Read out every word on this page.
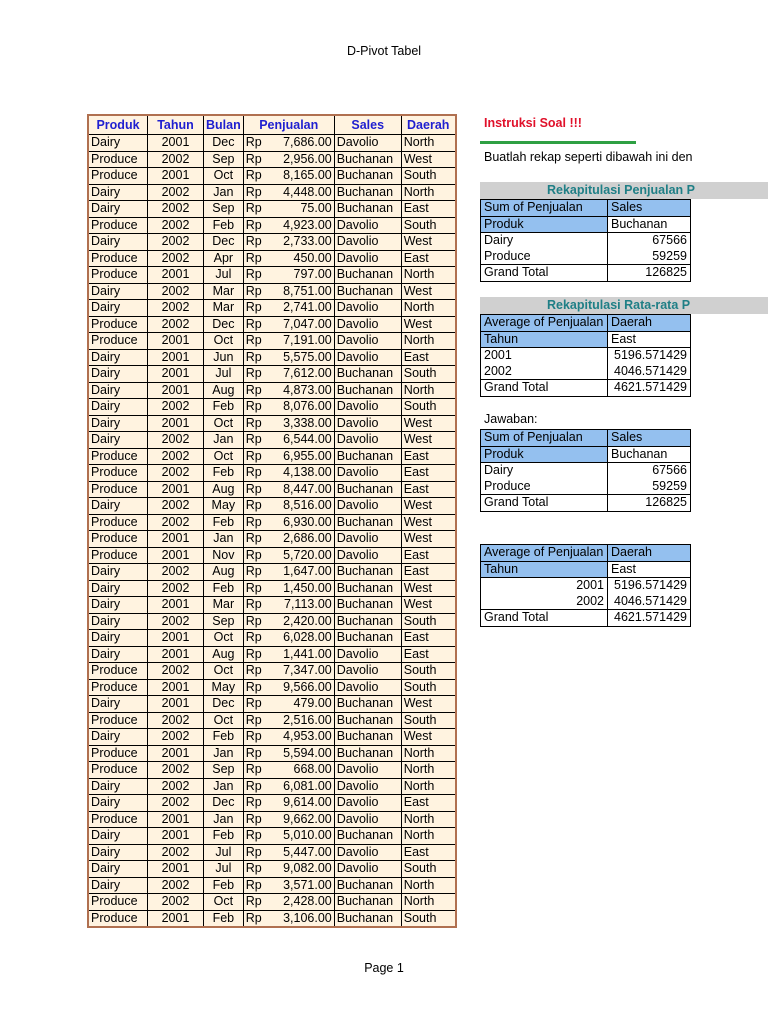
D-Pivot Tabel
Produk	Tahun	Bulan	Penjualan		Sales	Daerah
Dairy	2001	Dec	Rp	7,686.00	Davolio	North
Produce	2002	Sep	Rp	2,956.00	Buchanan	West
Produce	2001	Oct	Rp	8,165.00	Buchanan	South
Dairy	2002	Jan	Rp	4,448.00	Buchanan	North
Dairy	2002	Sep	Rp	75.00	Buchanan	East
Produce	2002	Feb	Rp	4,923.00	Davolio	South
Dairy	2002	Dec	Rp	2,733.00	Davolio	West
Produce	2002	Apr	Rp	450.00	Davolio	East
Produce	2001	Jul	Rp	797.00	Buchanan	North
Dairy	2002	Mar	Rp	8,751.00	Buchanan	West
Dairy	2002	Mar	Rp	2,741.00	Davolio	North
Produce	2002	Dec	Rp	7,047.00	Davolio	West
Produce	2001	Oct	Rp	7,191.00	Davolio	North
Dairy	2001	Jun	Rp	5,575.00	Davolio	East
Dairy	2001	Jul	Rp	7,612.00	Buchanan	South
Dairy	2001	Aug	Rp	4,873.00	Buchanan	North
Dairy	2002	Feb	Rp	8,076.00	Davolio	South
Dairy	2001	Oct	Rp	3,338.00	Davolio	West
Dairy	2002	Jan	Rp	6,544.00	Davolio	West
Produce	2002	Oct	Rp	6,955.00	Buchanan	East
Produce	2002	Feb	Rp	4,138.00	Davolio	East
Produce	2001	Aug	Rp	8,447.00	Buchanan	East
Dairy	2002	May	Rp	8,516.00	Davolio	West
Produce	2002	Feb	Rp	6,930.00	Buchanan	West
Produce	2001	Jan	Rp	2,686.00	Davolio	West
Produce	2001	Nov	Rp	5,720.00	Davolio	East
Dairy	2002	Aug	Rp	1,647.00	Buchanan	East
Dairy	2002	Feb	Rp	1,450.00	Buchanan	West
Dairy	2001	Mar	Rp	7,113.00	Buchanan	West
Dairy	2002	Sep	Rp	2,420.00	Buchanan	South
Dairy	2001	Oct	Rp	6,028.00	Buchanan	East
Dairy	2001	Aug	Rp	1,441.00	Davolio	East
Produce	2002	Oct	Rp	7,347.00	Davolio	South
Produce	2001	May	Rp	9,566.00	Davolio	South
Dairy	2001	Dec	Rp	479.00	Buchanan	West
Produce	2002	Oct	Rp	2,516.00	Buchanan	South
Dairy	2002	Feb	Rp	4,953.00	Buchanan	West
Produce	2001	Jan	Rp	5,594.00	Buchanan	North
Produce	2002	Sep	Rp	668.00	Davolio	North
Dairy	2002	Jan	Rp	6,081.00	Davolio	North
Dairy	2002	Dec	Rp	9,614.00	Davolio	East
Produce	2001	Jan	Rp	9,662.00	Davolio	North
Dairy	2001	Feb	Rp	5,010.00	Buchanan	North
Dairy	2002	Jul	Rp	5,447.00	Davolio	East
Dairy	2001	Jul	Rp	9,082.00	Davolio	South
Dairy	2002	Feb	Rp	3,571.00	Buchanan	North
Produce	2002	Oct	Rp	2,428.00	Buchanan	North
Produce	2001	Feb	Rp	3,106.00	Buchanan	South
Instruksi Soal !!!
Buatlah rekap seperti dibawah ini den
Rekapitulasi Penjualan P
Sum of Penjualan	Sales
Produk	Buchanan
Dairy	67566
Produce	59259
Grand Total	126825
Rekapitulasi Rata-rata P
Average of Penjualan	Daerah
Tahun	East
2001	5196.571429
2002	4046.571429
Grand Total	4621.571429
Jawaban:
Sum of Penjualan	Sales
Produk	Buchanan
Dairy	67566
Produce	59259
Grand Total	126825
Average of Penjualan	Daerah
Tahun	East
2001	5196.571429
2002	4046.571429
Grand Total	4621.571429
Page 1
